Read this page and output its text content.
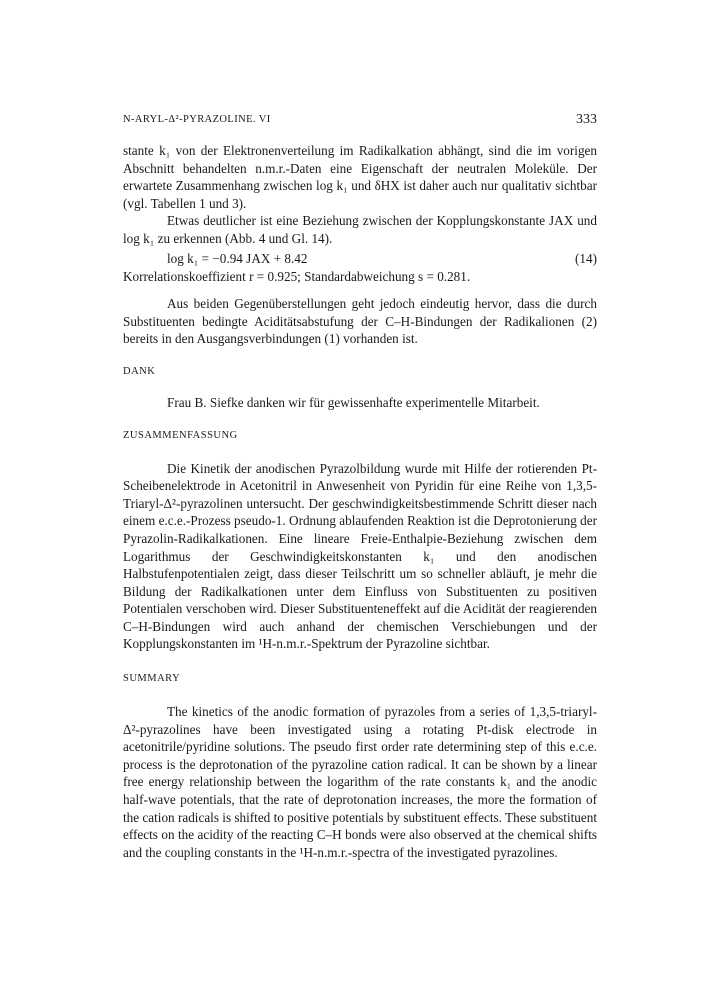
N-ARYL-Δ²-PYRAZOLINE. VI	333

stante k₁ von der Elektronenverteilung im Radikalkation abhängt, sind die im vorigen Abschnitt behandelten n.m.r.-Daten eine Eigenschaft der neutralen Moleküle. Der erwartete Zusammenhang zwischen log k₁ und δHX ist daher auch nur qualitativ sichtbar (vgl. Tabellen 1 und 3).

Etwas deutlicher ist eine Beziehung zwischen der Kopplungskonstante JAX und log k₁ zu erkennen (Abb. 4 und Gl. 14).

log k₁ = −0.94 JAX + 8.42	(14)

Korrelationskoeffizient r = 0.925; Standardabweichung s = 0.281.

Aus beiden Gegenüberstellungen geht jedoch eindeutig hervor, dass die durch Substituenten bedingte Aciditätsabstufung der C–H-Bindungen der Radikalionen (2) bereits in den Ausgangsverbindungen (1) vorhanden ist.

DANK

Frau B. Siefke danken wir für gewissenhafte experimentelle Mitarbeit.

ZUSAMMENFASSUNG

Die Kinetik der anodischen Pyrazolbildung wurde mit Hilfe der rotierenden Pt-Scheibenelektrode in Acetonitril in Anwesenheit von Pyridin für eine Reihe von 1,3,5-Triaryl-Δ²-pyrazolinen untersucht. Der geschwindigkeitsbestimmende Schritt dieser nach einem e.c.e.-Prozess pseudo-1. Ordnung ablaufenden Reaktion ist die Deprotonierung der Pyrazolin-Radikalkationen. Eine lineare Freie-Enthalpie-Beziehung zwischen dem Logarithmus der Geschwindigkeitskonstanten k₁ und den anodischen Halbstufenpotentialen zeigt, dass dieser Teilschritt um so schneller abläuft, je mehr die Bildung der Radikalkationen unter dem Einfluss von Substituenten zu positiven Potentialen verschoben wird. Dieser Substituenteneffekt auf die Acidität der reagierenden C–H-Bindungen wird auch anhand der chemischen Verschiebungen und der Kopplungskonstanten im ¹H-n.m.r.-Spektrum der Pyrazoline sichtbar.

SUMMARY

The kinetics of the anodic formation of pyrazoles from a series of 1,3,5-triaryl-Δ²-pyrazolines have been investigated using a rotating Pt-disk electrode in acetonitrile/pyridine solutions. The pseudo first order rate determining step of this e.c.e. process is the deprotonation of the pyrazoline cation radical. It can be shown by a linear free energy relationship between the logarithm of the rate constants k₁ and the anodic half-wave potentials, that the rate of deprotonation increases, the more the formation of the cation radicals is shifted to positive potentials by substituent effects. These substituent effects on the acidity of the reacting C–H bonds were also observed at the chemical shifts and the coupling constants in the ¹H-n.m.r.-spectra of the investigated pyrazolines.
